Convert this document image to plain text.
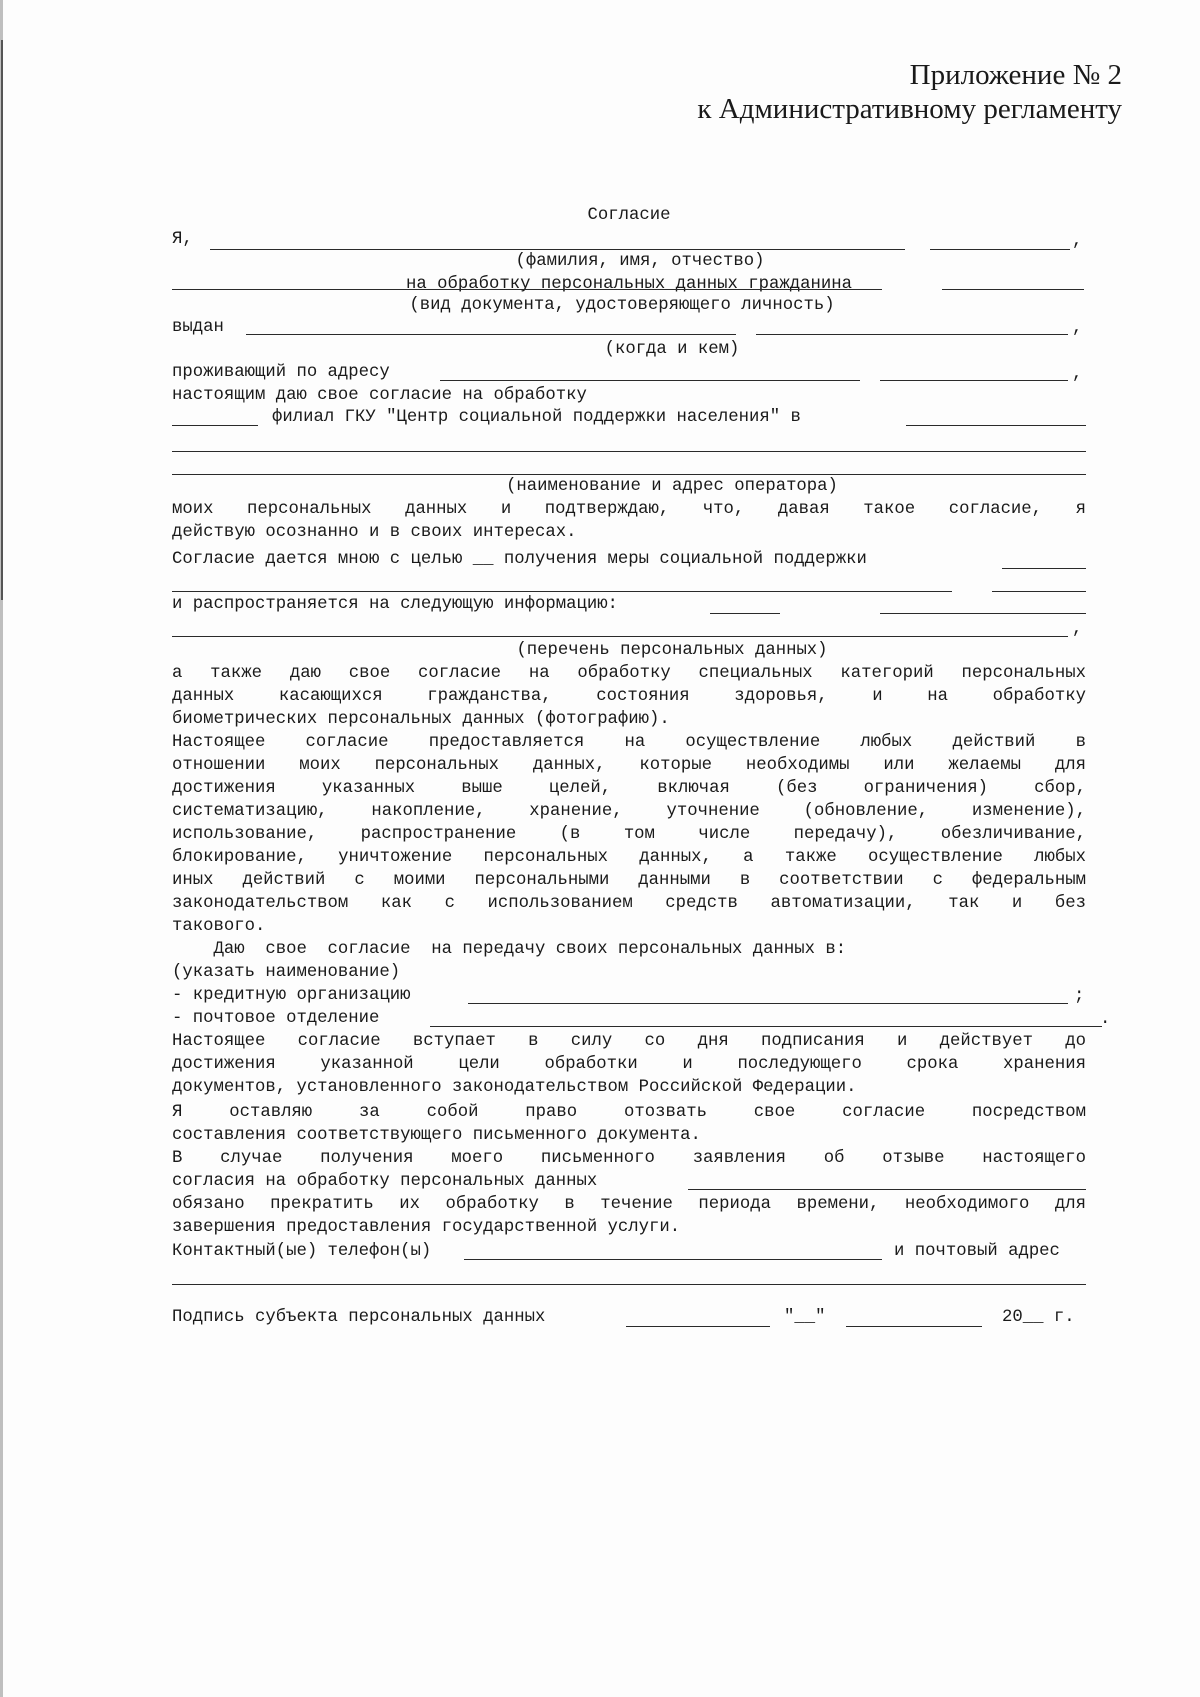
Приложение № 2
к Административному регламенту

Согласие

на обработку персональных данных гражданина

Я,	,
(фамилия, имя, отчество)
(вид документа, удостоверяющего личность)
выдан	,
(когда и кем)
проживающий по адресу	,
настоящим даю свое согласие на обработку
филиал ГКУ "Центр социальной поддержки населения" в
(наименование и адрес оператора)
моих персональных данных и подтверждаю, что, давая такое согласие, я
действую осознанно и в своих интересах.
Согласие дается мною с целью __ получения меры социальной поддержки
и распространяется на следующую информацию:
,
(перечень персональных данных)
а также даю свое согласие на обработку специальных категорий персональных
данных касающихся гражданства, состояния здоровья, и на обработку
биометрических персональных данных (фотографию).
Настоящее согласие предоставляется на осуществление любых действий в
отношении моих персональных данных, которые необходимы или желаемы для
достижения указанных выше целей, включая (без ограничения) сбор,
систематизацию, накопление, хранение, уточнение (обновление, изменение),
использование, распространение (в том числе передачу), обезличивание,
блокирование, уничтожение персональных данных, а также осуществление любых
иных действий с моими персональными данными в соответствии с федеральным
законодательством как с использованием средств автоматизации, так и без
такового.
Даю  свое  согласие  на передачу своих персональных данных в:
(указать наименование)
- кредитную организацию	;
- почтовое отделение	.
Настоящее согласие вступает в силу со дня подписания и действует до
достижения указанной цели обработки и последующего срока хранения
документов, установленного законодательством Российской Федерации.
Я оставляю за собой право отозвать свое согласие посредством
составления соответствующего письменного документа.
В случае получения моего письменного заявления об отзыве настоящего
согласия на обработку персональных данных
обязано прекратить их обработку в течение периода времени, необходимого для
завершения предоставления государственной услуги.
Контактный(ые) телефон(ы)	и почтовый адрес
Подпись субъекта персональных данных	"__"	20__ г.
